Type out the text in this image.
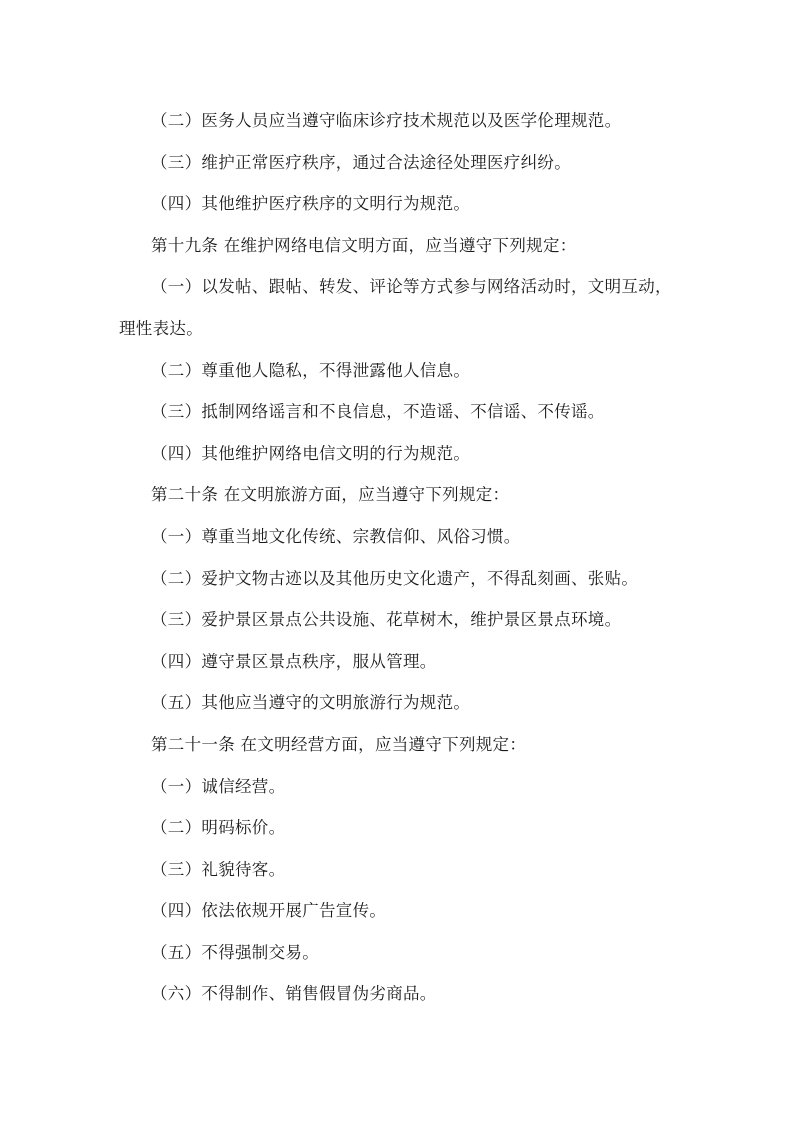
（二）医务人员应当遵守临床诊疗技术规范以及医学伦理规范。

（三）维护正常医疗秩序，通过合法途径处理医疗纠纷。

（四）其他维护医疗秩序的文明行为规范。

第十九条 在维护网络电信文明方面，应当遵守下列规定：

（一）以发帖、跟帖、转发、评论等方式参与网络活动时，文明互动，理性表达。

（二）尊重他人隐私，不得泄露他人信息。

（三）抵制网络谣言和不良信息，不造谣、不信谣、不传谣。

（四）其他维护网络电信文明的行为规范。

第二十条 在文明旅游方面，应当遵守下列规定：

（一）尊重当地文化传统、宗教信仰、风俗习惯。

（二）爱护文物古迹以及其他历史文化遗产，不得乱刻画、张贴。

（三）爱护景区景点公共设施、花草树木，维护景区景点环境。

（四）遵守景区景点秩序，服从管理。

（五）其他应当遵守的文明旅游行为规范。

第二十一条 在文明经营方面，应当遵守下列规定：

（一）诚信经营。

（二）明码标价。

（三）礼貌待客。

（四）依法依规开展广告宣传。

（五）不得强制交易。

（六）不得制作、销售假冒伪劣商品。
